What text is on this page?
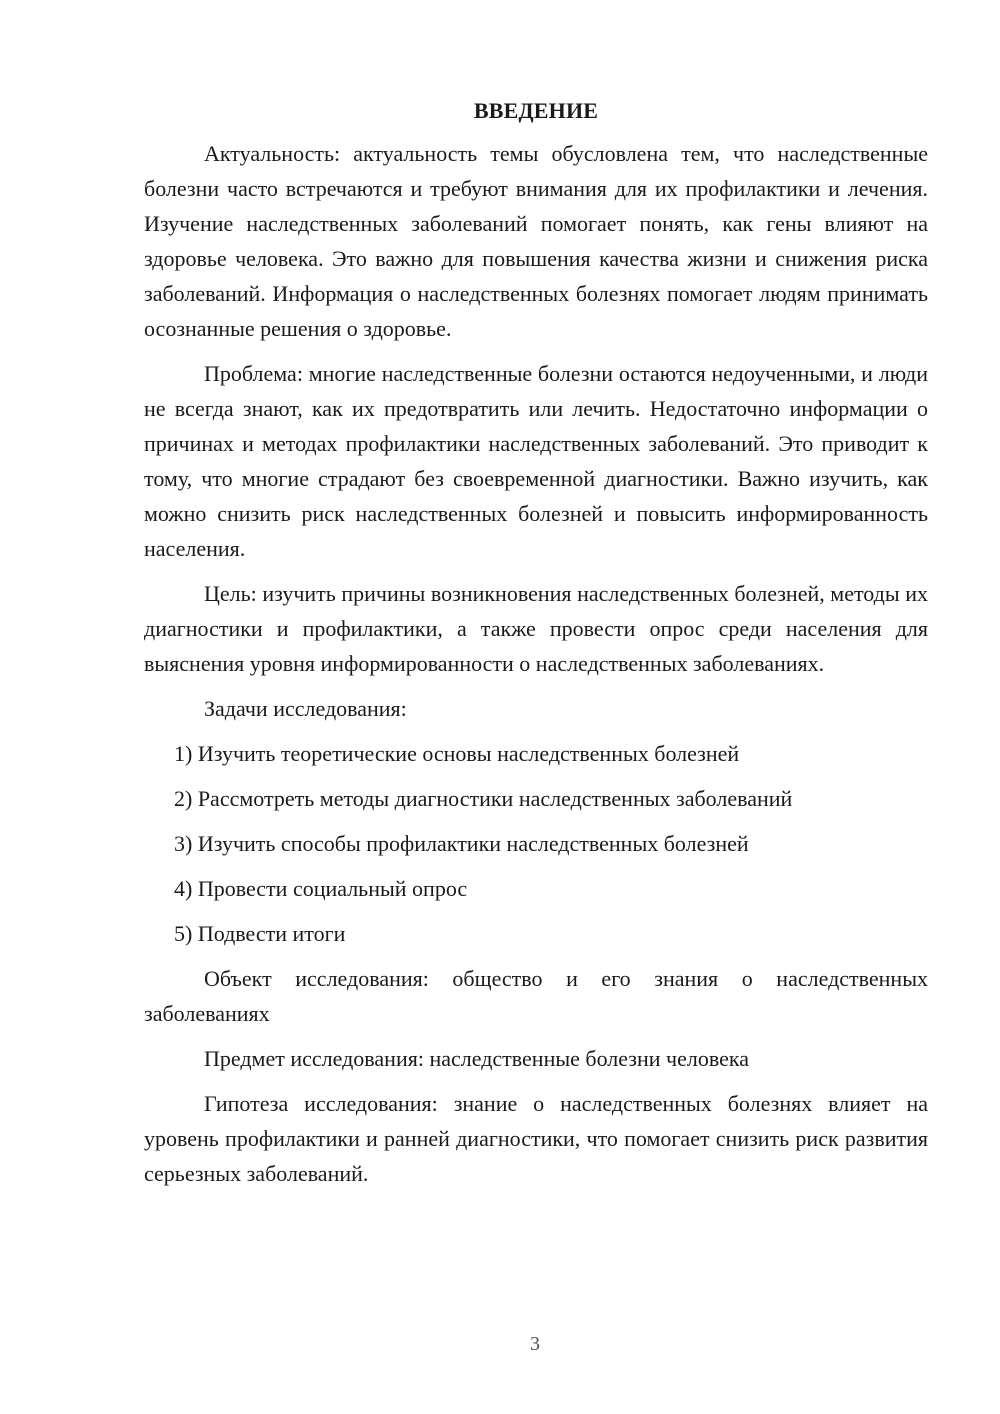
ВВЕДЕНИЕ

Актуальность: актуальность темы обусловлена тем, что наследственные болезни часто встречаются и требуют внимания для их профилактики и лечения. Изучение наследственных заболеваний помогает понять, как гены влияют на здоровье человека. Это важно для повышения качества жизни и снижения риска заболеваний. Информация о наследственных болезнях помогает людям принимать осознанные решения о здоровье.

Проблема: многие наследственные болезни остаются недоученными, и люди не всегда знают, как их предотвратить или лечить. Недостаточно информации о причинах и методах профилактики наследственных заболеваний. Это приводит к тому, что многие страдают без своевременной диагностики. Важно изучить, как можно снизить риск наследственных болезней и повысить информированность населения.

Цель: изучить причины возникновения наследственных болезней, методы их диагностики и профилактики, а также провести опрос среди населения для выяснения уровня информированности о наследственных заболеваниях.

Задачи исследования:

1) Изучить теоретические основы наследственных болезней
2) Рассмотреть методы диагностики наследственных заболеваний
3) Изучить способы профилактики наследственных болезней
4) Провести социальный опрос
5) Подвести итоги

Объект исследования: общество и его знания о наследственных заболеваниях

Предмет исследования: наследственные болезни человека

Гипотеза исследования: знание о наследственных болезнях влияет на уровень профилактики и ранней диагностики, что помогает снизить риск развития серьезных заболеваний.

3
